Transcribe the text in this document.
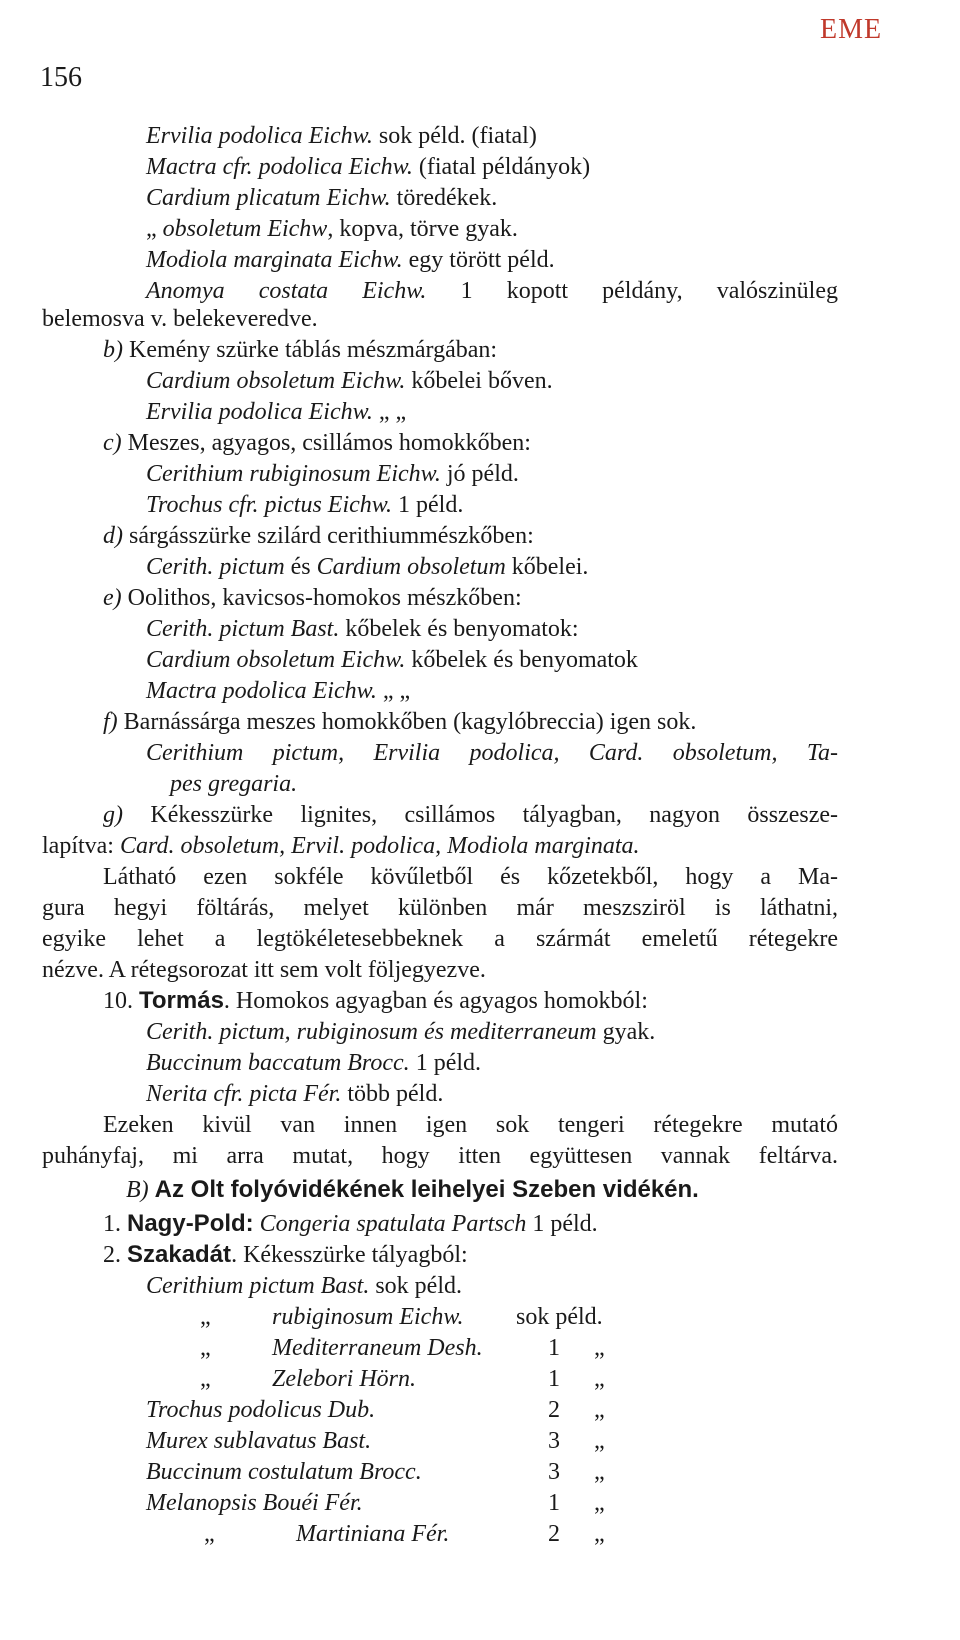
EME
156
Ervilia podolica Eichw. sok péld. (fiatal)
Mactra cfr. podolica Eichw. (fiatal példányok)
Cardium plicatum Eichw. töredékek.
„ obsoletum Eichw, kopva, törve gyak.
Modiola marginata Eichw. egy törött péld.
Anomya costata Eichw. 1 kopott példány, valószinüleg
belemosva v. belekeveredve.
b) Kemény szürke táblás mészmárgában:
Cardium obsoletum Eichw. kőbelei bőven.
Ervilia podolica Eichw. „ „
c) Meszes, agyagos, csillámos homokkőben:
Cerithium rubiginosum Eichw. jó péld.
Trochus cfr. pictus Eichw. 1 péld.
d) sárgásszürke szilárd cerithiummészkőben:
Cerith. pictum és Cardium obsoletum kőbelei.
e) Oolithos, kavicsos-homokos mészkőben:
Cerith. pictum Bast. kőbelek és benyomatok:
Cardium obsoletum Eichw. kőbelek és benyomatok
Mactra podolica Eichw. „ „
f) Barnássárga meszes homokkőben (kagylóbreccia) igen sok.
Cerithium pictum, Ervilia podolica, Card. obsoletum, Ta-
pes gregaria.
g) Kékesszürke lignites, csillámos tályagban, nagyon összeszе-
lapítva: Card. obsoletum, Ervil. podolica, Modiola marginata.
Látható ezen sokféle kövűletből és kőzetekből, hogy a Ma-
gura hegyi föltárás, melyet különben már meszsziröl is láthatni,
egyike lehet a legtökéletesebbeknek a szármát emeletű rétegekre
nézve. A rétegsorozat itt sem volt följegyezve.
10. Tormás. Homokos agyagban és agyagos homokból:
Cerith. pictum, rubiginosum és mediterraneum gyak.
Buccinum baccatum Brocc. 1 péld.
Nerita cfr. picta Fér. több péld.
Ezeken kivül van innen igen sok tengeri rétegekre mutató
puhányfaj, mi arra mutat, hogy itten együttesen vannak feltárva.
B) Az Olt folyóvidékének leihelyei Szeben vidékén.
1. Nagy-Pold: Congeria spatulata Partsch 1 péld.
2. Szakadát. Kékesszürke tályagból:
Cerithium pictum Bast. sok péld.
„	rubiginosum Eichw. sok péld.
„	Mediterraneum Desh.	1 „
„	Zelebori Hörn.	1 „
Trochus podolicus Dub.	2 „
Murex sublavatus Bast.	3 „
Buccinum costulatum Brocc.	3 „
Melanopsis Bouéi Fér.	1 „
„	Martiniana Fér.	2 „
